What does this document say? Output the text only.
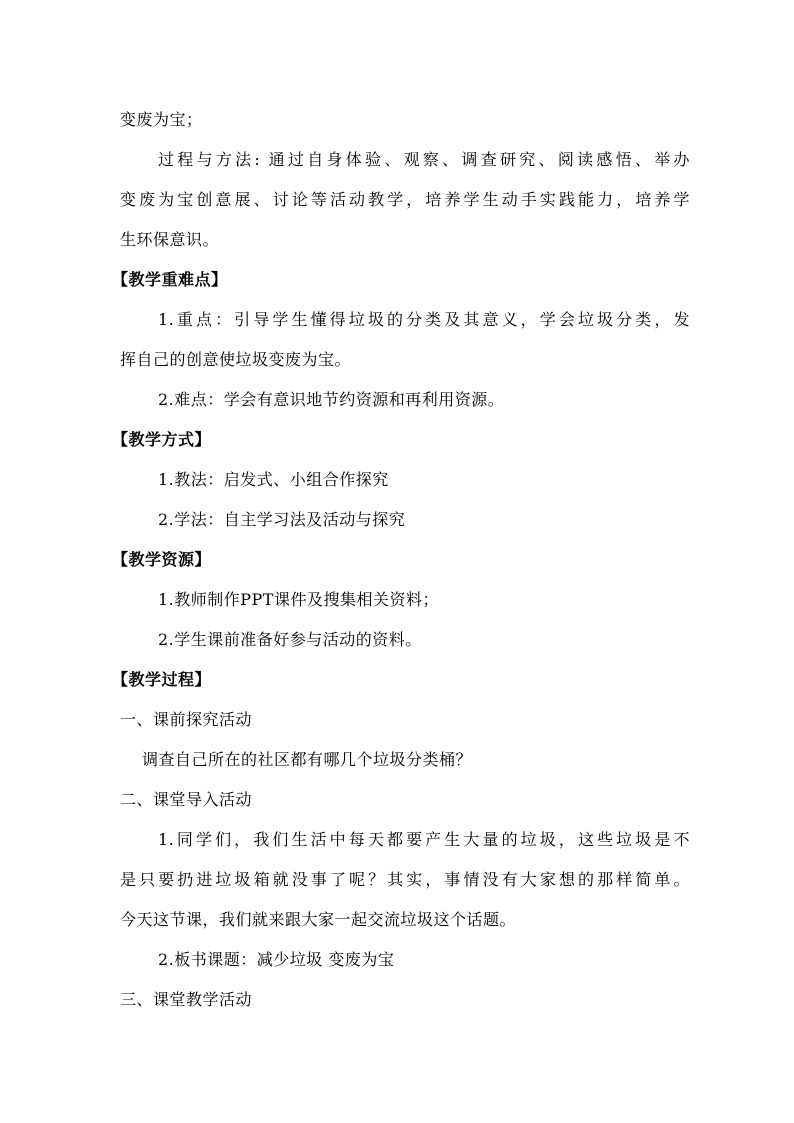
变废为宝；
过程与方法: 通过自身体验、观察、调查研究、阅读感悟、举办
变废为宝创意展、讨论等活动教学，培养学生动手实践能力，培养学
生环保意识。
【教学重难点】
1.重点：引导学生懂得垃圾的分类及其意义，学会垃圾分类，发
挥自己的创意使垃圾变废为宝。
2.难点：学会有意识地节约资源和再利用资源。
【教学方式】
1.教法：启发式、小组合作探究
2.学法：自主学习法及活动与探究
【教学资源】
1.教师制作PPT课件及搜集相关资料；
2.学生课前准备好参与活动的资料。
【教学过程】
一、课前探究活动
调查自己所在的社区都有哪几个垃圾分类桶？
二、课堂导入活动
1.同学们，我们生活中每天都要产生大量的垃圾，这些垃圾是不
是只要扔进垃圾箱就没事了呢？其实，事情没有大家想的那样简单。
今天这节课，我们就来跟大家一起交流垃圾这个话题。
2.板书课题：减少垃圾 变废为宝
三、课堂教学活动
